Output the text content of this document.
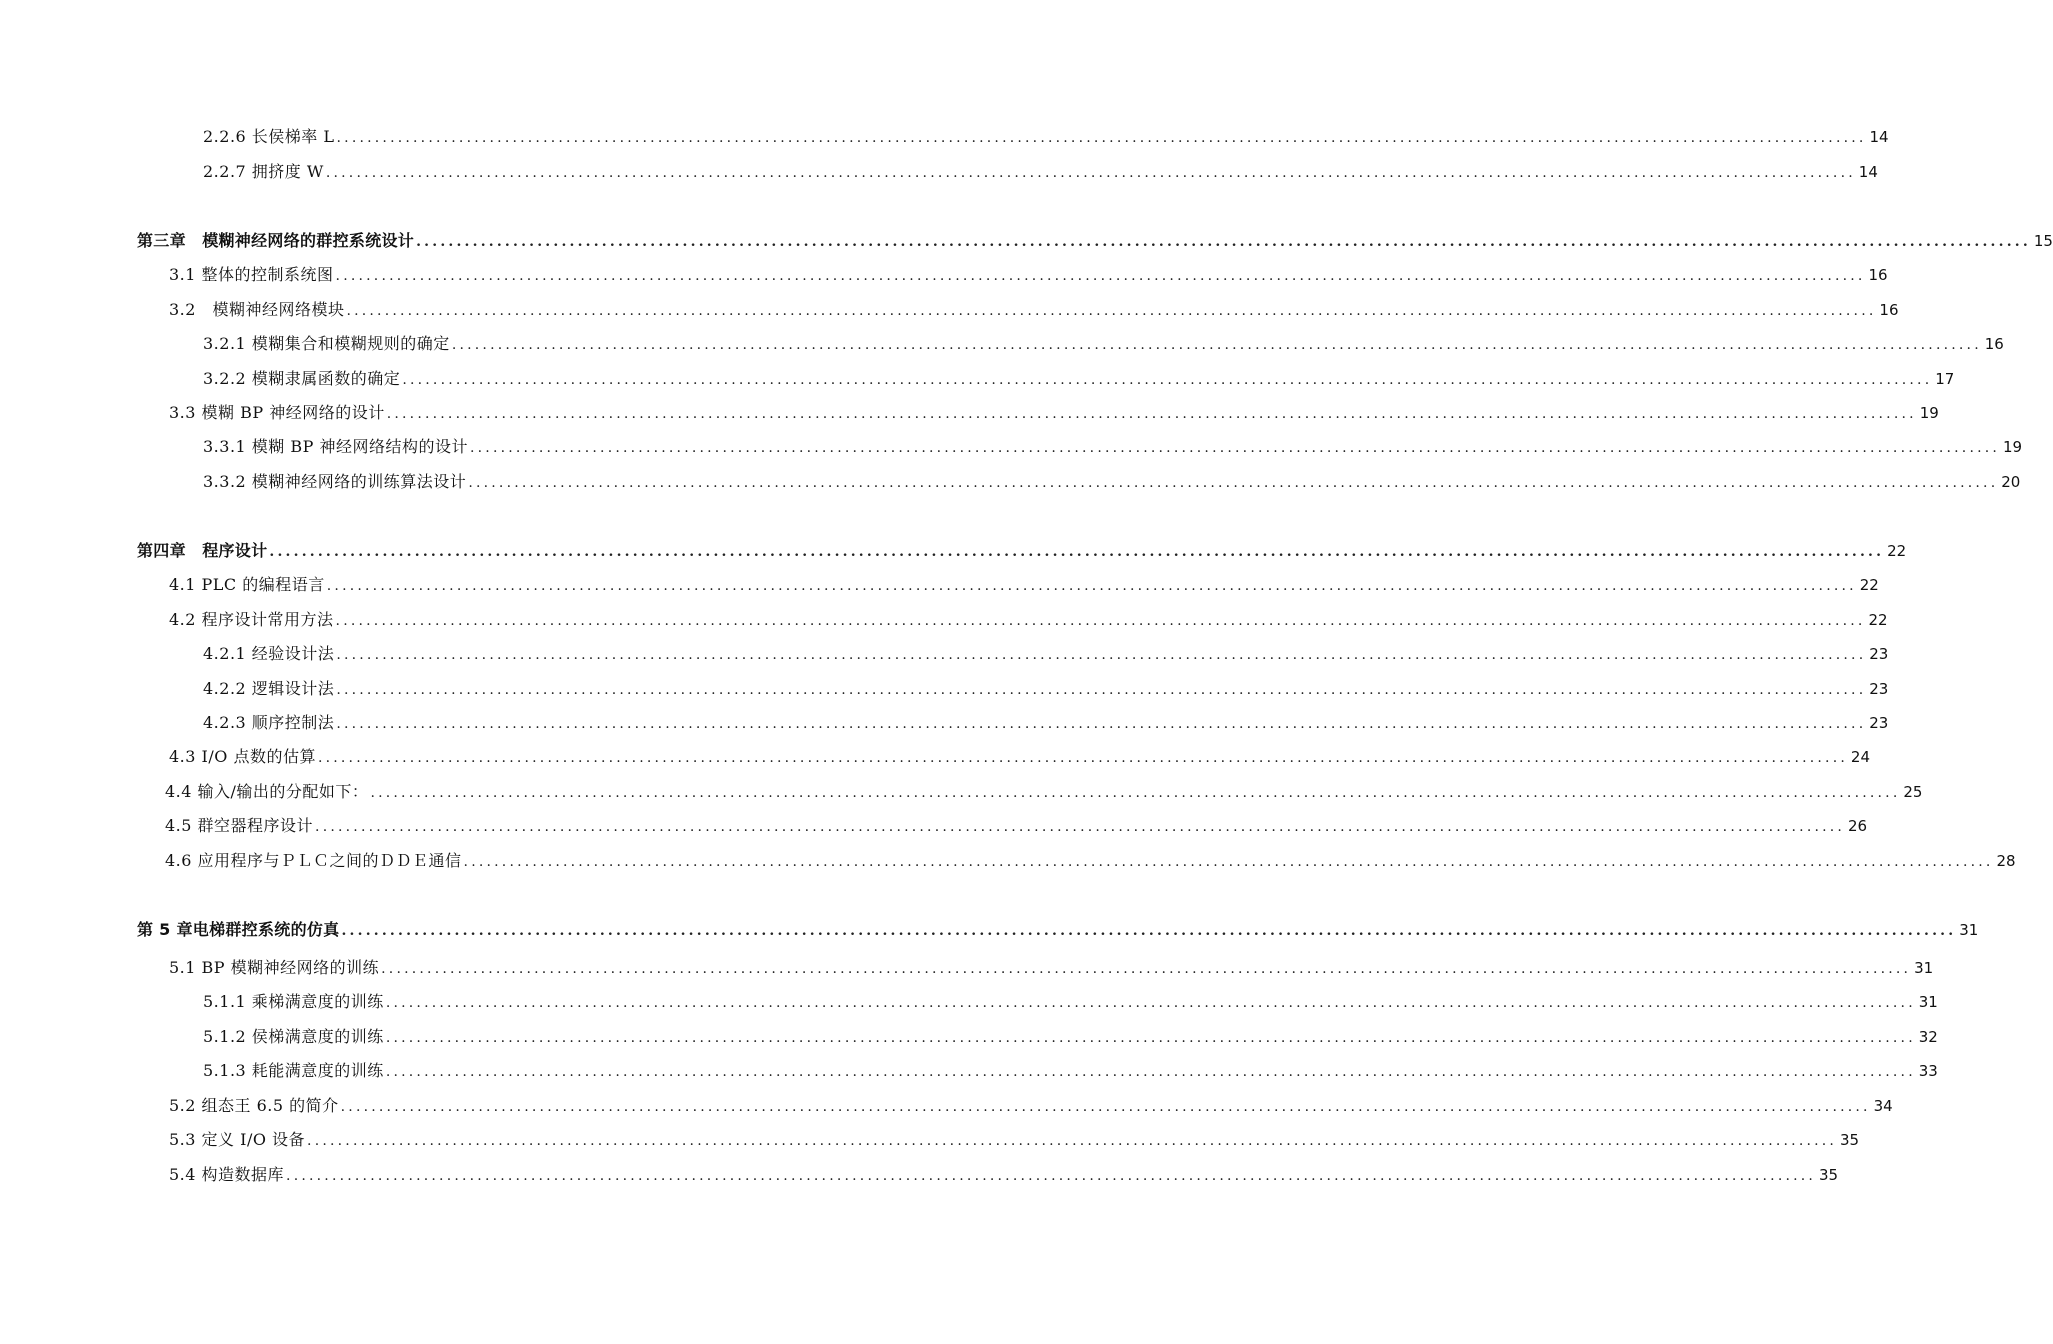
2.2.6 长侯梯率 L ........................................................................................................................................................................................................ 14
2.2.7 拥挤度 W ........................................................................................................................................................................................................ 14
第三章　模糊神经网络的群控系统设计 ........................................................................................................................................................................................................ 15
3.1 整体的控制系统图 ........................................................................................................................................................................................................ 16
3.2　模糊神经网络模块 ........................................................................................................................................................................................................ 16
3.2.1 模糊集合和模糊规则的确定 ........................................................................................................................................................................................................ 16
3.2.2 模糊隶属函数的确定 ........................................................................................................................................................................................................ 17
3.3 模糊 BP 神经网络的设计 ........................................................................................................................................................................................................ 19
3.3.1 模糊 BP 神经网络结构的设计 ........................................................................................................................................................................................................ 19
3.3.2 模糊神经网络的训练算法设计 ........................................................................................................................................................................................................ 20
第四章　程序设计 ........................................................................................................................................................................................................ 22
4.1 PLC 的编程语言 ........................................................................................................................................................................................................ 22
4.2 程序设计常用方法 ........................................................................................................................................................................................................ 22
4.2.1 经验设计法 ........................................................................................................................................................................................................ 23
4.2.2 逻辑设计法 ........................................................................................................................................................................................................ 23
4.2.3 顺序控制法 ........................................................................................................................................................................................................ 23
4.3 I/O 点数的估算 ........................................................................................................................................................................................................ 24
4.4 输入/输出的分配如下： ........................................................................................................................................................................................................ 25
4.5 群空器程序设计 ........................................................................................................................................................................................................ 26
4.6 应用程序与ＰＬＣ之间的ＤＤＥ通信 ........................................................................................................................................................................................................ 28
第 5 章电梯群控系统的仿真 ........................................................................................................................................................................................................ 31
5.1 BP 模糊神经网络的训练 ........................................................................................................................................................................................................ 31
5.1.1 乘梯满意度的训练 ........................................................................................................................................................................................................ 31
5.1.2 侯梯满意度的训练 ........................................................................................................................................................................................................ 32
5.1.3 耗能满意度的训练 ........................................................................................................................................................................................................ 33
5.2 组态王 6.5 的简介 ........................................................................................................................................................................................................ 34
5.3 定义 I/O 设备 ........................................................................................................................................................................................................ 35
5.4 构造数据库 ........................................................................................................................................................................................................ 35
